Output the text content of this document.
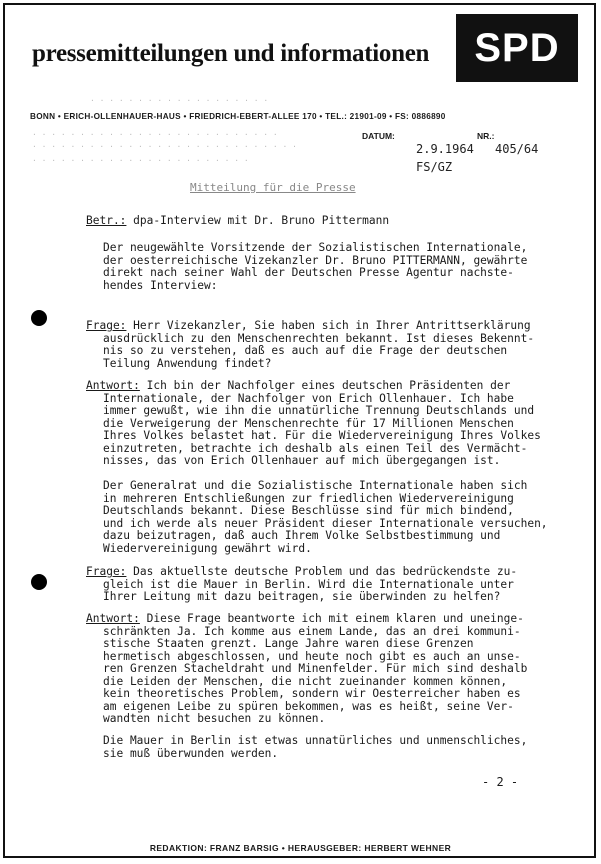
pressemitteilungen und informationen	SPD
· · · · · · · · · · · · · · · · · · ·
· · · · · · · · · · · · · · · · · · · · · · · · · ·
· · · · · · · · · · · · · · · · · · · · · · · · · · · ·
· · · · · · · · · · · · · · · · · · · · · · ·
BONN • ERICH-OLLENHAUER-HAUS • FRIEDRICH-EBERT-ALLEE 170 • TEL.: 21901-09 • FS: 0886890
DATUM:	NR.:
2.9.1964 405/64
FS/GZ
Mitteilung für die Presse
Betr.: dpa-Interview mit Dr. Bruno Pittermann
Der neugewählte Vorsitzende der Sozialistischen Internationale,
der oesterreichische Vizekanzler Dr. Bruno PITTERMANN, gewährte
direkt nach seiner Wahl der Deutschen Presse Agentur nachste-
hendes Interview:
Frage: Herr Vizekanzler, Sie haben sich in Ihrer Antrittserklärung
ausdrücklich zu den Menschenrechten bekannt. Ist dieses Bekennt-
nis so zu verstehen, daß es auch auf die Frage der deutschen
Teilung Anwendung findet?
Antwort: Ich bin der Nachfolger eines deutschen Präsidenten der
Internationale, der Nachfolger von Erich Ollenhauer. Ich habe
immer gewußt, wie ihn die unnatürliche Trennung Deutschlands und
die Verweigerung der Menschenrechte für 17 Millionen Menschen
Ihres Volkes belastet hat. Für die Wiedervereinigung Ihres Volkes
einzutreten, betrachte ich deshalb als einen Teil des Vermächt-
nisses, das von Erich Ollenhauer auf mich übergegangen ist.
Der Generalrat und die Sozialistische Internationale haben sich
in mehreren Entschließungen zur friedlichen Wiedervereinigung
Deutschlands bekannt. Diese Beschlüsse sind für mich bindend,
und ich werde als neuer Präsident dieser Internationale versuchen,
dazu beizutragen, daß auch Ihrem Volke Selbstbestimmung und
Wiedervereinigung gewährt wird.
Frage: Das aktuellste deutsche Problem und das bedrückendste zu-
gleich ist die Mauer in Berlin. Wird die Internationale unter
Ihrer Leitung mit dazu beitragen, sie überwinden zu helfen?
Antwort: Diese Frage beantworte ich mit einem klaren und uneinge-
schränkten Ja. Ich komme aus einem Lande, das an drei kommuni-
stische Staaten grenzt. Lange Jahre waren diese Grenzen
hermetisch abgeschlossen, und heute noch gibt es auch an unse-
ren Grenzen Stacheldraht und Minenfelder. Für mich sind deshalb
die Leiden der Menschen, die nicht zueinander kommen können,
kein theoretisches Problem, sondern wir Oesterreicher haben es
am eigenen Leibe zu spüren bekommen, was es heißt, seine Ver-
wandten nicht besuchen zu können.
Die Mauer in Berlin ist etwas unnatürliches und unmenschliches,
sie muß überwunden werden.
- 2 -
REDAKTION: FRANZ BARSIG • HERAUSGEBER: HERBERT WEHNER
